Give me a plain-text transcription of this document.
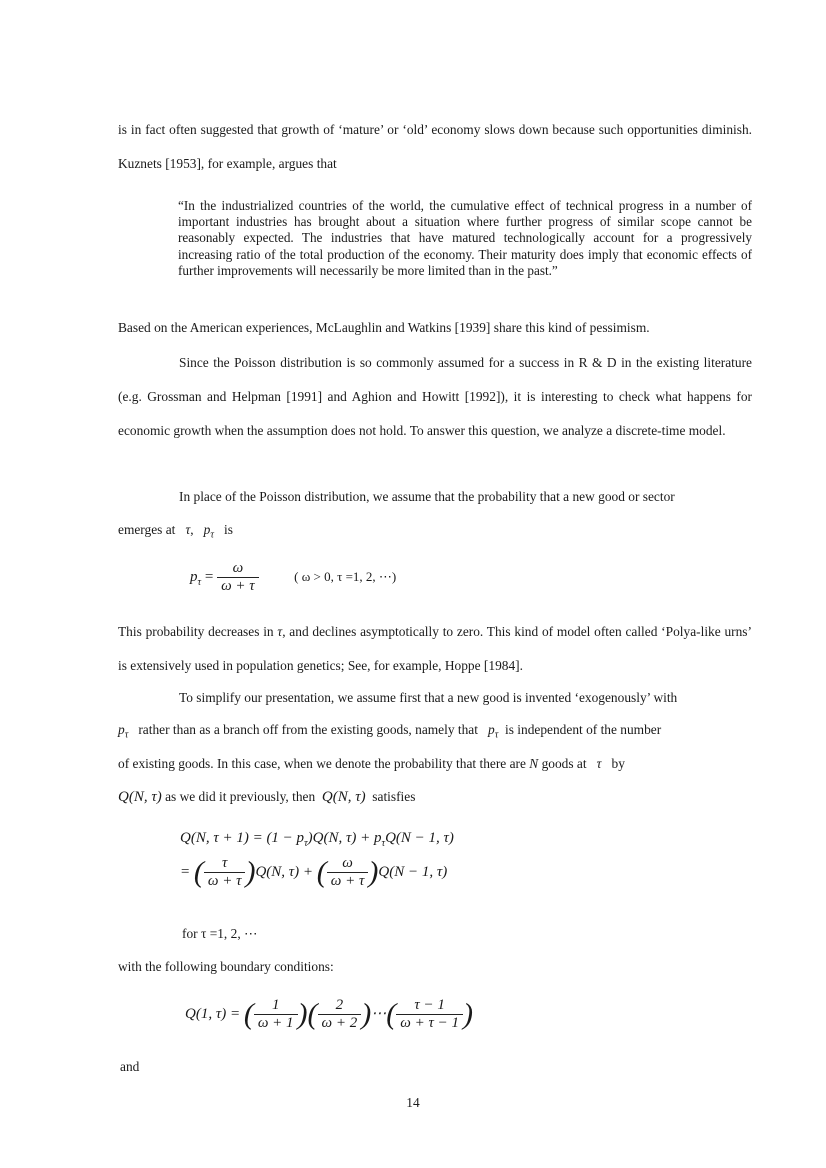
is in fact often suggested that growth of ‘mature’ or ‘old’ economy slows down because such opportunities diminish. Kuznets [1953], for example, argues that

“In the industrialized countries of the world, the cumulative effect of technical progress in a number of important industries has brought about a situation where further progress of similar scope cannot be reasonably expected. The industries that have matured technologically account for a progressively increasing ratio of the total production of the economy. Their maturity does imply that economic effects of further improvements will necessarily be more limited than in the past.”

Based on the American experiences, McLaughlin and Watkins [1939] share this kind of pessimism.
Since the Poisson distribution is so commonly assumed for a success in R & D in the existing literature (e.g. Grossman and Helpman [1991] and Aghion and Howitt [1992]), it is interesting to check what happens for economic growth when the assumption does not hold. To answer this question, we analyze a discrete-time model.
In place of the Poisson distribution, we assume that the probability that a new good or sector
emerges at τ,   $p_\tau$ is
$p_\tau = \frac{\omega}{\omega + \tau}$	( ω > 0, τ =1, 2, ⋯)
This probability decreases in τ, and declines asymptotically to zero. This kind of model often called ‘Polya-like urns’ is extensively used in population genetics; See, for example, Hoppe [1984].
To simplify our presentation, we assume first that a new good is invented ‘exogenously’ with
$p_\tau$ rather than as a branch off from the existing goods, namely that $p_\tau$ is independent of the number
of existing goods. In this case, when we denote the probability that there are N goods at τ by
Q(N, τ) as we did it previously, then Q(N, τ) satisfies
Q(N, $\tau + 1) = (1 - p_\tau)Q(N$, $\tau) + p_\tau Q(N - 1$, τ)
= ( $\frac{\tau}{\omega + \tau} )Q(N$, τ) + ( $\frac{\omega}{\omega + \tau} )Q(N - 1$, τ)
for τ =1, 2, ⋯
with the following boundary conditions:
Q(1, τ) = ( $\frac{1}{\omega + 1}$ )( $\frac{2}{\omega + 2}$ )⋯( $\frac{\tau - 1}{\omega + \tau - 1}$ )
and
14
